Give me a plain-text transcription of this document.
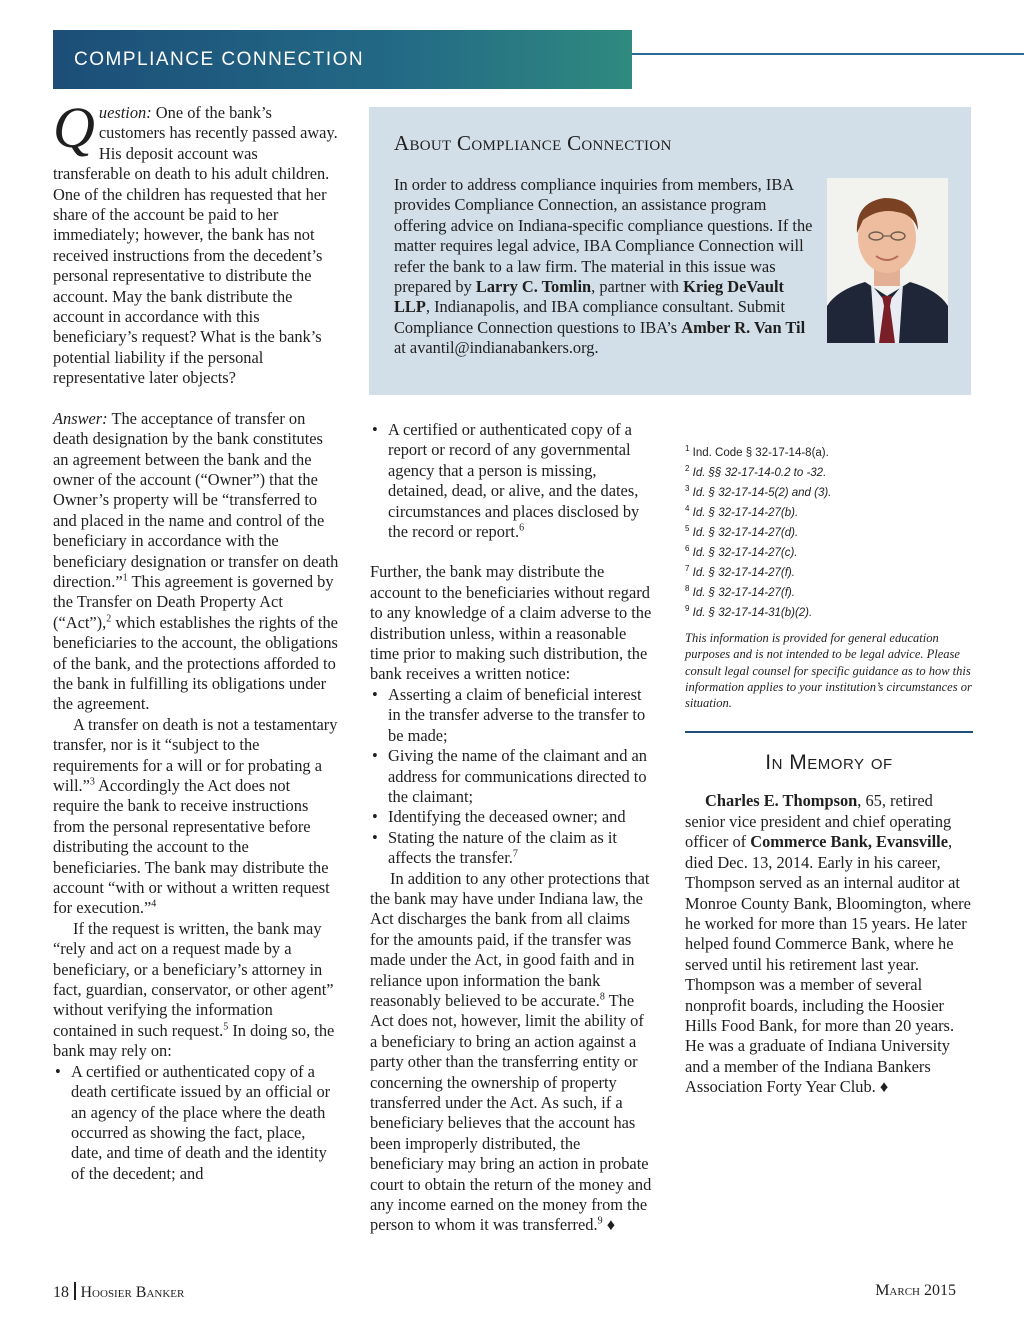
COMPLIANCE CONNECTION

Question: One of the bank’s customers has recently passed away. His deposit account was transferable on death to his adult children. One of the children has requested that her share of the account be paid to her immediately; however, the bank has not received instructions from the decedent’s personal representative to distribute the account. May the bank distribute the account in accordance with this beneficiary’s request? What is the bank’s potential liability if the personal representative later objects?

Answer: The acceptance of transfer on death designation by the bank constitutes an agreement between the bank and the owner of the account (“Owner”) that the Owner’s property will be “transferred to and placed in the name and control of the beneficiary in accordance with the beneficiary designation or transfer on death direction.”$^1$ This agreement is governed by the Transfer on Death Property Act (“Act”),$^2$ which establishes the rights of the beneficiaries to the account, the obligations of the bank, and the protections afforded to the bank in fulfilling its obligations under the agreement.

A transfer on death is not a testamentary transfer, nor is it “subject to the requirements for a will or for probating a will.”$^3$ Accordingly the Act does not require the bank to receive instructions from the personal representative before distributing the account to the beneficiaries. The bank may distribute the account “with or without a written request for execution.”$^4$

If the request is written, the bank may “rely and act on a request made by a beneficiary, or a beneficiary’s attorney in fact, guardian, conservator, or other agent” without verifying the information contained in such request.$^5$ In doing so, the bank may rely on:

• A certified or authenticated copy of a death certificate issued by an official or an agency of the place where the death occurred as showing the fact, place, date, and time of death and the identity of the decedent; and
About Compliance Connection
In order to address compliance inquiries from members, IBA provides Compliance Connection, an assistance program offering advice on Indiana-specific compliance questions. If the matter requires legal advice, IBA Compliance Connection will refer the bank to a law firm. The material in this issue was prepared by Larry C. Tomlin, partner with Krieg DeVault LLP, Indianapolis, and IBA compliance consultant. Submit Compliance Connection questions to IBA’s Amber R. Van Til at avantil@indianabankers.org.
• A certified or authenticated copy of a report or record of any governmental agency that a person is missing, detained, dead, or alive, and the dates, circumstances and places disclosed by the record or report.$^6$

Further, the bank may distribute the account to the beneficiaries without regard to any knowledge of a claim adverse to the distribution unless, within a reasonable time prior to making such distribution, the bank receives a written notice:

• Asserting a claim of beneficial interest in the transfer adverse to the transfer to be made;
• Giving the name of the claimant and an address for communications directed to the claimant;
• Identifying the deceased owner; and
• Stating the nature of the claim as it affects the transfer.$^7$

In addition to any other protections that the bank may have under Indiana law, the Act discharges the bank from all claims for the amounts paid, if the transfer was made under the Act, in good faith and in reliance upon information the bank reasonably believed to be accurate.$^8$ The Act does not, however, limit the ability of a beneficiary to bring an action against a party other than the transferring entity or concerning the ownership of property transferred under the Act. As such, if a beneficiary believes that the account has been improperly distributed, the beneficiary may bring an action in probate court to obtain the return of the money and any income earned on the money from the person to whom it was transferred.$^9$ ♦

$^1$ Ind. Code § 32-17-14-8(a).
$^2$ Id. §§ 32-17-14-0.2 to -32.
$^3$ Id. § 32-17-14-5(2) and (3).
$^4$ Id. § 32-17-14-27(b).
$^5$ Id. § 32-17-14-27(d).
$^6$ Id. § 32-17-14-27(c).
$^7$ Id. § 32-17-14-27(f).
$^8$ Id. § 32-17-14-27(f).
$^9$ Id. § 32-17-14-31(b)(2).
This information is provided for general education purposes and is not intended to be legal advice. Please consult legal counsel for specific guidance as to how this information applies to your institution’s circumstances or situation.
In Memory of

Charles E. Thompson, 65, retired senior vice president and chief operating officer of Commerce Bank, Evansville, died Dec. 13, 2014. Early in his career, Thompson served as an internal auditor at Monroe County Bank, Bloomington, where he worked for more than 15 years. He later helped found Commerce Bank, where he served until his retirement last year. Thompson was a member of several nonprofit boards, including the Hoosier Hills Food Bank, for more than 20 years. He was a graduate of Indiana University and a member of the Indiana Bankers Association Forty Year Club. ♦

18 Hoosier Banker	March 2015
